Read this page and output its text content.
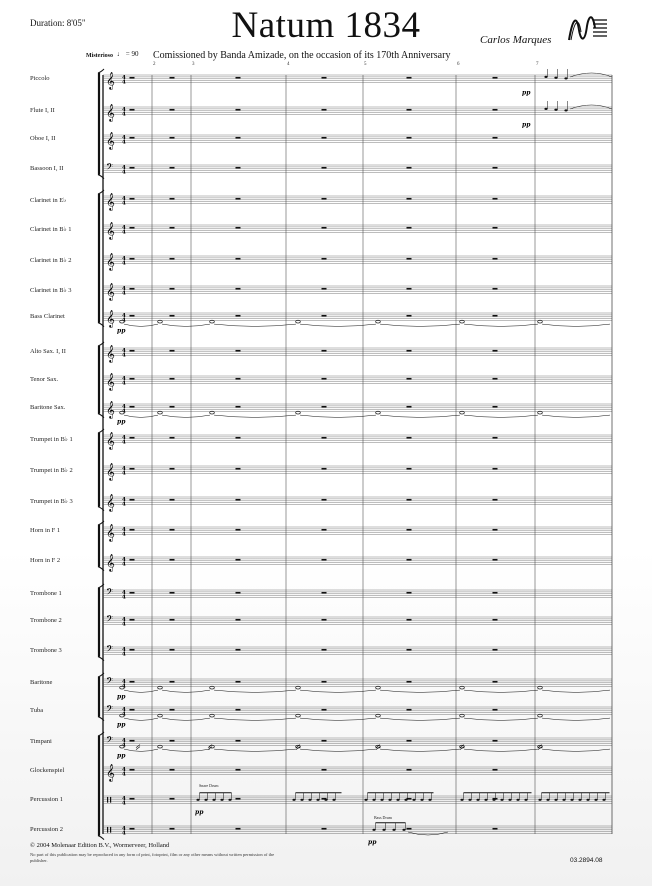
𝄞 4
4
𝄞 4
4
𝄞 4
4
𝄢 4
4
𝄞 4
4
𝄞 4
4
𝄞 4
4
𝄞 4
4
𝄞 4
4
𝄞 4
4
𝄞 4
4
𝄞 4
4
𝄞 4
4
𝄞 4
4
𝄞 4
4
𝄞 4
4
𝄞 4
4
𝄢 4
4
𝄢 4
4
𝄢 4
4
𝄢 4
4
𝄢 4
4
𝄢 4
4
𝄞 4
4
4
4
4
4
pp
pp
pp
pp
pp
pp
pp
pp
pp
Duration: 8'05"	Natum 1834	Carlos Marques
Comissioned by Banda Amizade, on the occasion of its 170th Anniversary
Misterioso ♩ = 90
Piccolo
Flute I, II
Oboe I, II
Bassoon I, II
Clarinet in E♭
Clarinet in B♭ 1
Clarinet in B♭ 2
Clarinet in B♭ 3
Bass Clarinet
Alto Sax. I, II
Tenor Sax.
Baritone Sax.
Trumpet in B♭ 1
Trumpet in B♭ 2
Trumpet in B♭ 3
Horn in F 1
Horn in F 2
Trombone 1
Trombone 2
Trombone 3
Baritone
Tuba
Timpani
Glockenspiel
Percussion 1
Percussion 2
2	3	4	5	6	7
Snare Drum
Bass Drum
© 2004 Molenaar Edition B.V., Wormerveer, Holland
No part of this publication may be reproduced in any form of print, fotoprint, film or any other means without written permission of the publisher.	03.2894.08
